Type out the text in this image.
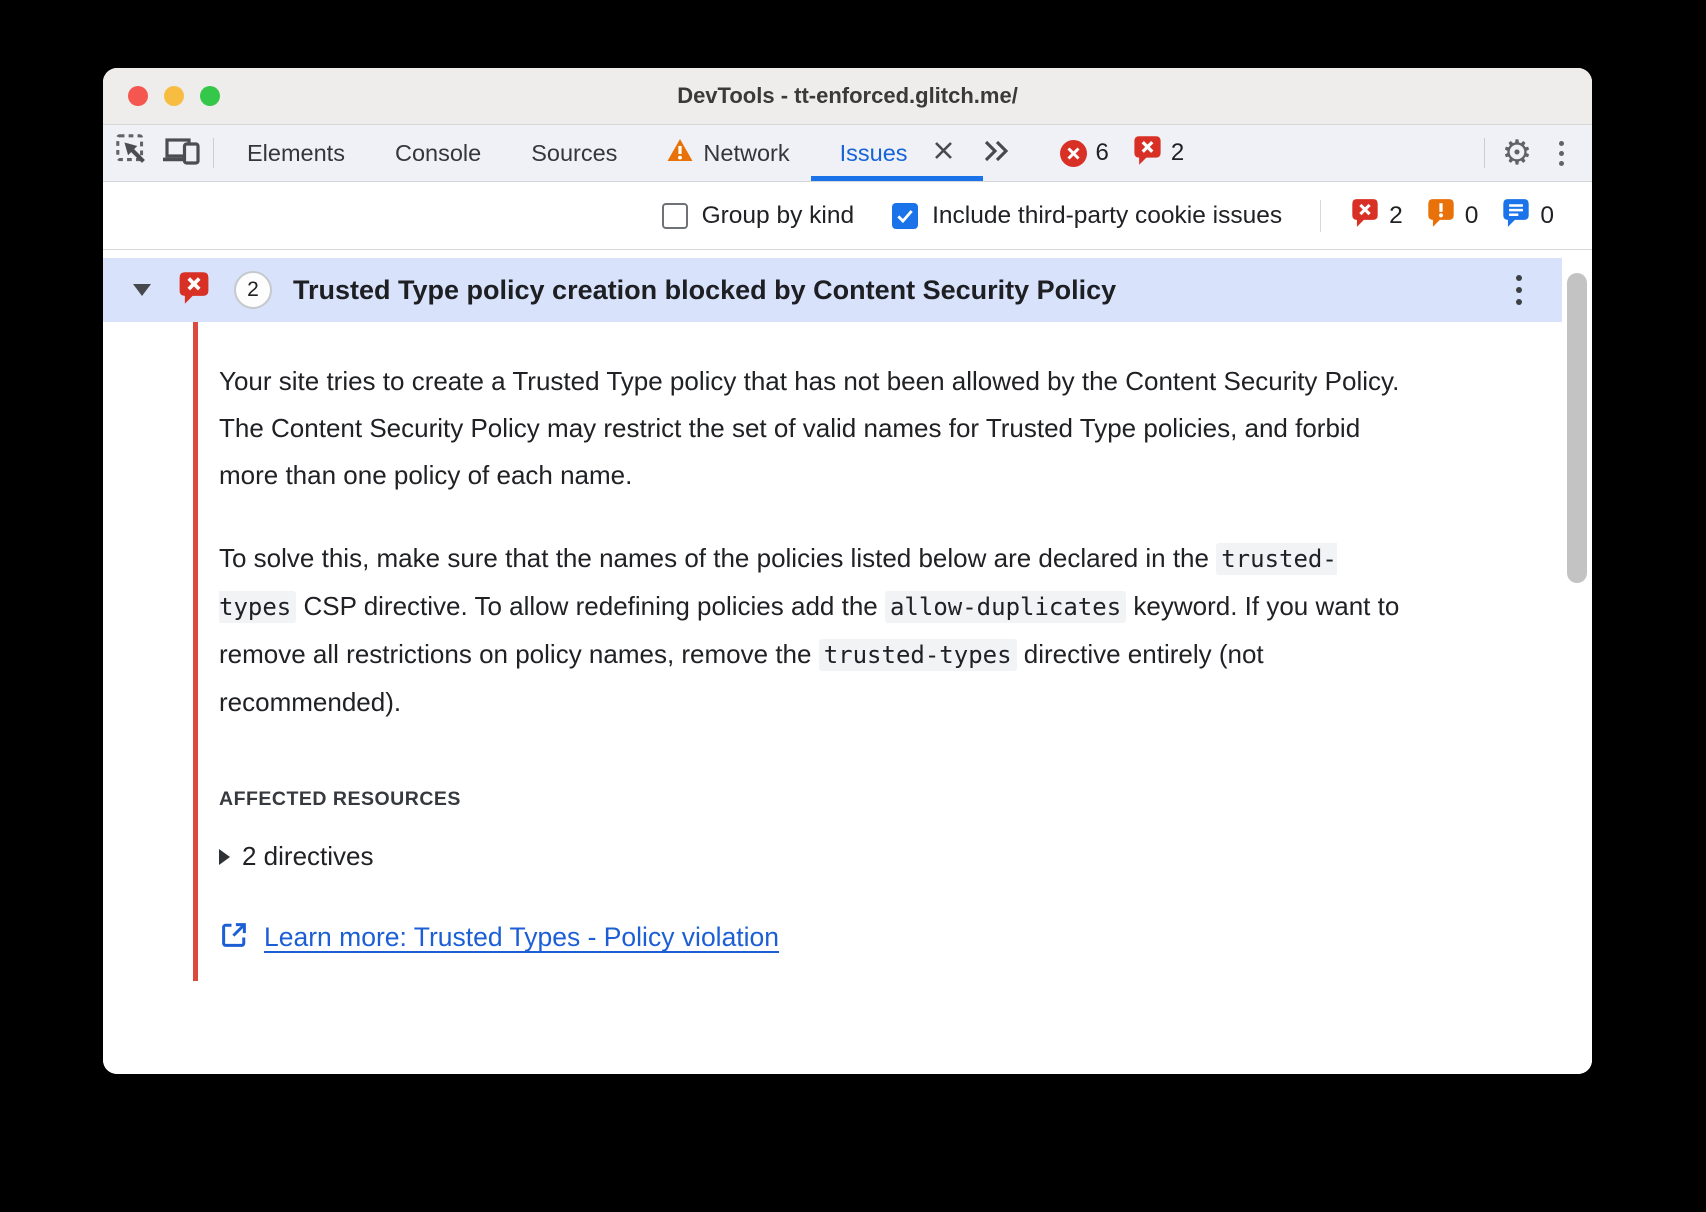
DevTools - tt-enforced.glitch.me/
Elements Console Sources	Network Issues	6	2	⚙
Group by kind	Include third-party cookie issues	2	0	0
2	Trusted Type policy creation blocked by Content Security Policy

Your site tries to create a Trusted Type policy that has not been allowed by the Content Security Policy. The Content Security Policy may restrict the set of valid names for Trusted Type policies, and forbid more than one policy of each name.

To solve this, make sure that the names of the policies listed below are declared in the trusted-types CSP directive. To allow redefining policies add the allow-duplicates keyword. If you want to remove all restrictions on policy names, remove the trusted-types directive entirely (not recommended).

AFFECTED RESOURCES
2 directives
Learn more: Trusted Types - Policy violation
